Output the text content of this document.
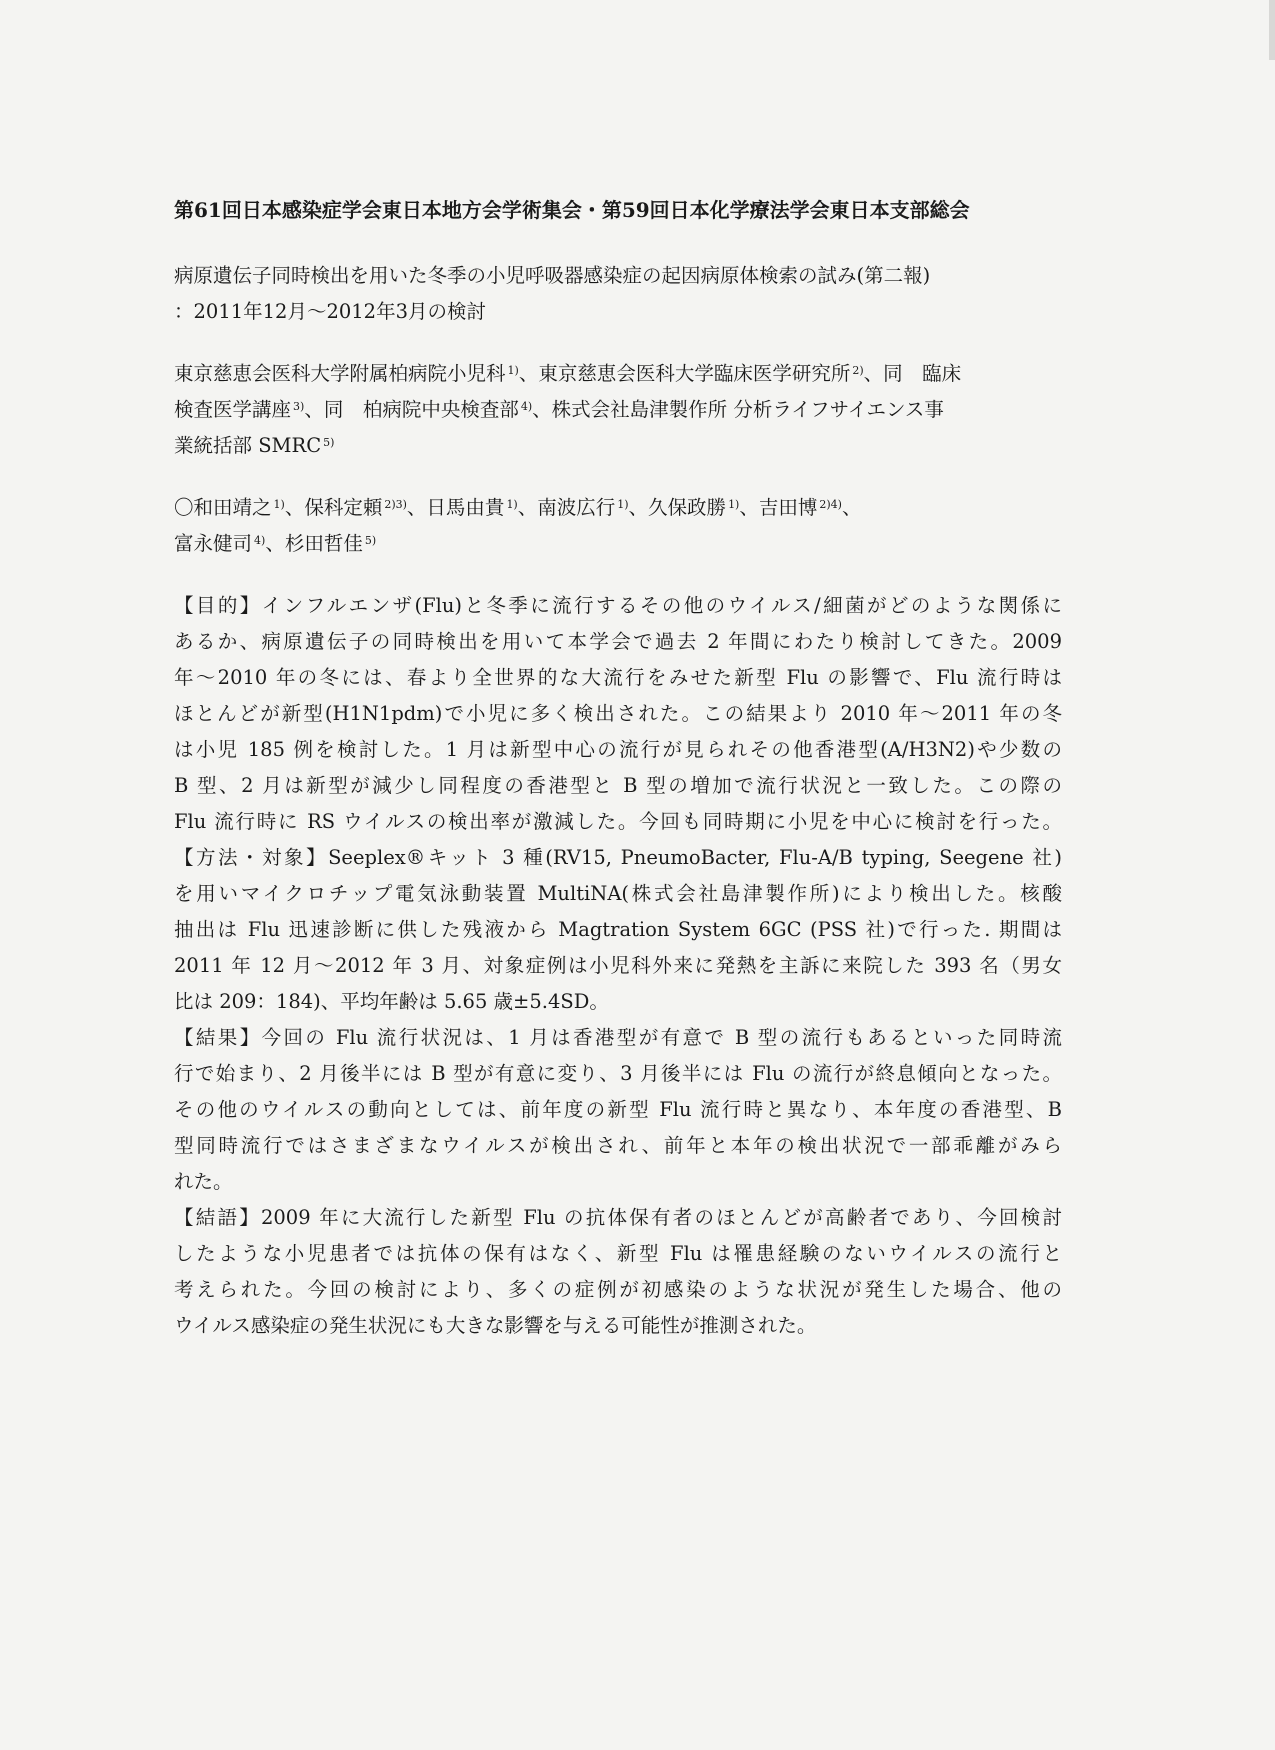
第61回日本感染症学会東日本地方会学術集会・第59回日本化学療法学会東日本支部総会
病原遺伝子同時検出を用いた冬季の小児呼吸器感染症の起因病原体検索の試み(第二報)
：2011年12月～2012年3月の検討
東京慈恵会医科大学附属柏病院小児科 $^{1)}$、東京慈恵会医科大学臨床医学研究所 $^{2)}$、同　臨床
検査医学講座 $^{3)}$、同　柏病院中央検査部 $^{4)}$、株式会社島津製作所 分析ライフサイエンス事
業統括部 SMRC $^{5)}$
〇和田靖之 $^{1)}$、保科定頼 $^{2)3)}$、日馬由貴 $^{1)}$、南波広行 $^{1)}$、久保政勝 $^{1)}$、吉田博 $^{2)4)}$、
富永健司 $^{4)}$、杉田哲佳 $^{5)}$
【目的】インフルエンザ(Flu)と冬季に流行するその他のウイルス/細菌がどのような関係に
あるか、病原遺伝子の同時検出を用いて本学会で過去 2 年間にわたり検討してきた。2009
年～2010 年の冬には、春より全世界的な大流行をみせた新型 Flu の影響で、Flu 流行時は
ほとんどが新型(H1N1pdm)で小児に多く検出された。この結果より 2010 年～2011 年の冬
は小児 185 例を検討した。1 月は新型中心の流行が見られその他香港型(A/H3N2)や少数の
B 型、2 月は新型が減少し同程度の香港型と B 型の増加で流行状況と一致した。この際の
Flu 流行時に RS ウイルスの検出率が激減した。今回も同時期に小児を中心に検討を行った。
【方法・対象】Seeplex®キット 3 種(RV15, PneumoBacter, Flu-A/B typing, Seegene 社)
を用いマイクロチップ電気泳動装置 MultiNA(株式会社島津製作所)により検出した。核酸
抽出は Flu 迅速診断に供した残液から Magtration System 6GC (PSS 社)で行った. 期間は
2011 年 12 月～2012 年 3 月、対象症例は小児科外来に発熱を主訴に来院した 393 名（男女
比は 209：184)、平均年齢は 5.65 歳±5.4SD。
【結果】今回の Flu 流行状況は、1 月は香港型が有意で B 型の流行もあるといった同時流
行で始まり、2 月後半には B 型が有意に変り、3 月後半には Flu の流行が終息傾向となった。
その他のウイルスの動向としては、前年度の新型 Flu 流行時と異なり、本年度の香港型、B
型同時流行ではさまざまなウイルスが検出され、前年と本年の検出状況で一部乖離がみら
れた。
【結語】2009 年に大流行した新型 Flu の抗体保有者のほとんどが高齢者であり、今回検討
したような小児患者では抗体の保有はなく、新型 Flu は罹患経験のないウイルスの流行と
考えられた。今回の検討により、多くの症例が初感染のような状況が発生した場合、他の
ウイルス感染症の発生状況にも大きな影響を与える可能性が推測された。
